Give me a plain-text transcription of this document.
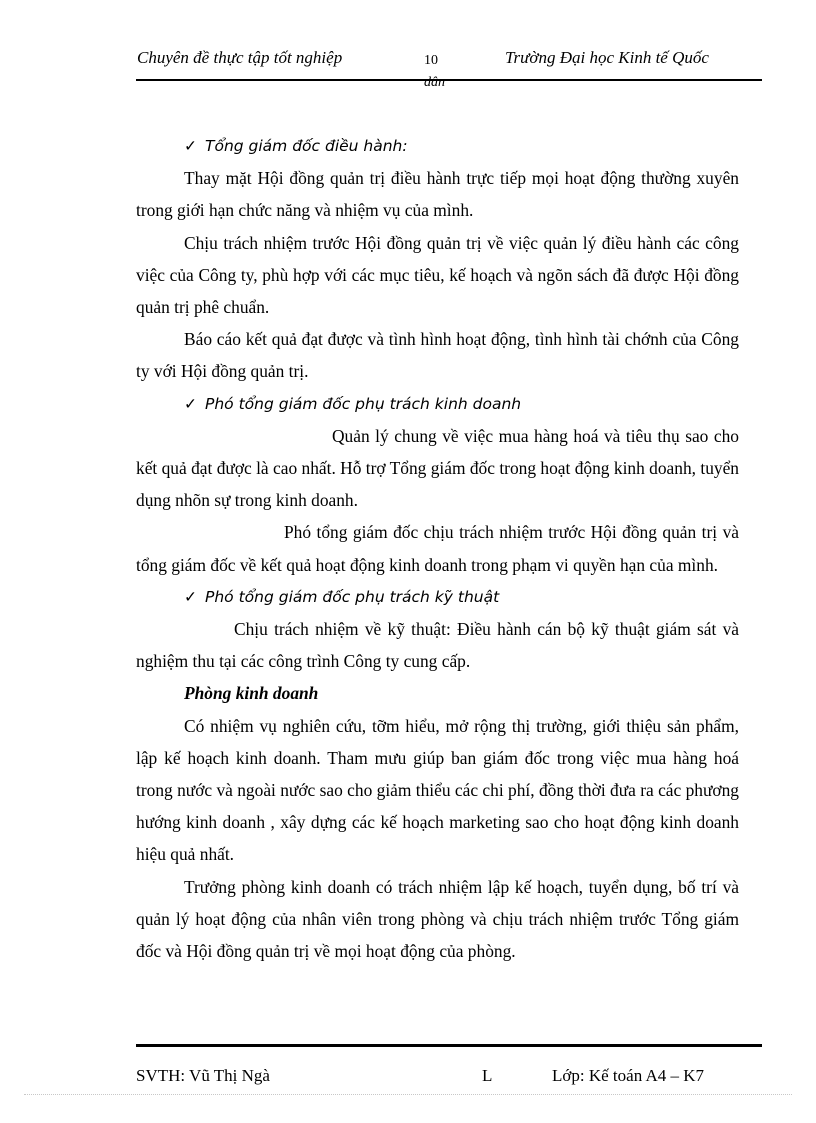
Chuyên đề thực tập tốt nghiệp	10
dân
Trường Đại học Kinh tế Quốc

✓ Tổng giám đốc điều hành:

Thay mặt Hội đồng quản trị điều hành trực tiếp mọi hoạt động thường xuyên trong giới hạn chức năng và nhiệm vụ của mình.

Chịu trách nhiệm trước Hội đồng quản trị về việc quản lý điều hành các công việc của Công ty, phù hợp với các mục tiêu, kế hoạch và ngõn sách đã được Hội đồng quản trị phê chuẩn.

Báo cáo kết quả đạt được và tình hình hoạt động, tình hình tài chớnh của Công ty với Hội đồng quản trị.

✓ Phó tổng giám đốc phụ trách kinh doanh

Quản lý chung về việc mua hàng hoá và tiêu thụ sao cho kết quả đạt được là cao nhất. Hỗ trợ Tổng giám đốc trong hoạt động kinh doanh, tuyển dụng nhõn sự trong kinh doanh.

Phó tổng giám đốc chịu trách nhiệm trước Hội đồng quản trị và tổng giám đốc về kết quả hoạt động kinh doanh trong phạm vi quyền hạn của mình.

✓ Phó tổng giám đốc phụ trách kỹ thuật

Chịu trách nhiệm về kỹ thuật: Điều hành cán bộ kỹ thuật giám sát và nghiệm thu tại các công trình Công ty cung cấp.

Phòng kinh doanh

Có nhiệm vụ nghiên cứu, tỡm hiểu, mở rộng thị trường, giới thiệu sản phẩm, lập kế hoạch kinh doanh. Tham mưu giúp ban giám đốc trong việc mua hàng hoá trong nước và ngoài nước sao cho giảm thiểu các chi phí, đồng thời đưa ra các phương hướng kinh doanh , xây dựng các kế hoạch marketing sao cho hoạt động kinh doanh hiệu quả nhất.

Trưởng phòng kinh doanh có trách nhiệm lập kế hoạch, tuyển dụng, bố trí và quản lý hoạt động của nhân viên trong phòng và chịu trách nhiệm trước Tổng giám đốc và Hội đồng quản trị về mọi hoạt động của phòng.

SVTH: Vũ Thị Ngà	L	Lớp: Kế toán A4 – K7
